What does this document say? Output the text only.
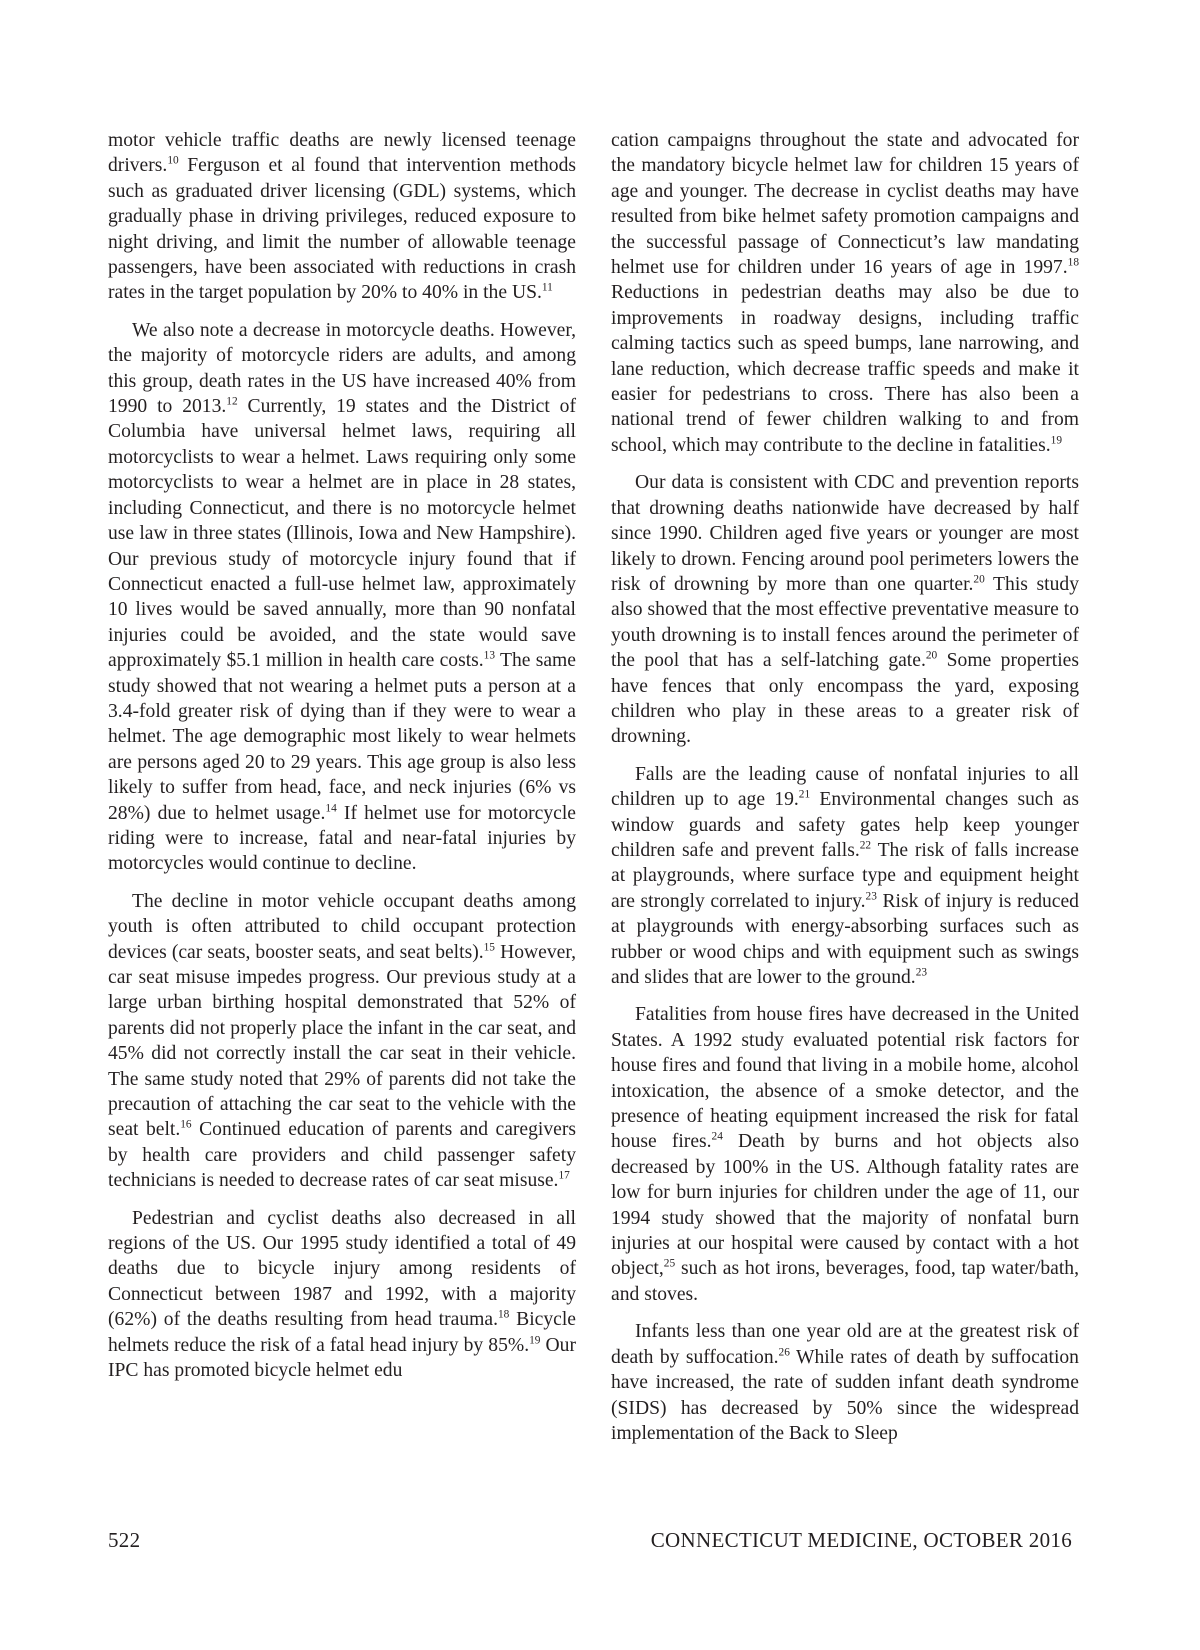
motor vehicle traffic deaths are newly licensed teenage drivers.$^{10}$ Ferguson et al found that intervention methods such as graduated driver licensing (GDL) systems, which gradually phase in driving privileges, reduced exposure to night driving, and limit the number of allowable teenage passengers, have been associated with reductions in crash rates in the target population by 20% to 40% in the US.$^{11}$

We also note a decrease in motorcycle deaths. However, the majority of motorcycle riders are adults, and among this group, death rates in the US have increased 40% from 1990 to 2013.12 Currently, 19 states and the District of Columbia have universal helmet laws, requiring all motorcyclists to wear a helmet. Laws requiring only some motorcyclists to wear a helmet are in place in 28 states, including Connecticut, and there is no motorcycle helmet use law in three states (Illinois, Iowa and New Hampshire). Our previous study of motorcycle injury found that if Connecticut enacted a full-use helmet law, approximately 10 lives would be saved annually, more than 90 nonfatal injuries could be avoided, and the state would save approximately $5.1 million in health care costs.$^{13}$ The same study showed that not wearing a helmet puts a person at a 3.4-fold greater risk of dying than if they were to wear a helmet. The age demographic most likely to wear helmets are persons aged 20 to 29 years. This age group is also less likely to suffer from head, face, and neck injuries (6% vs 28%) due to helmet usage.$^{14}$ If helmet use for motorcycle riding were to increase, fatal and near-fatal injuries by motorcycles would continue to decline.

The decline in motor vehicle occupant deaths among youth is often attributed to child occupant protection devices (car seats, booster seats, and seat belts).$^{15}$ However, car seat misuse impedes progress. Our previous study at a large urban birthing hospital demonstrated that 52% of parents did not properly place the infant in the car seat, and 45% did not correctly install the car seat in their vehicle. The same study noted that 29% of parents did not take the precaution of attaching the car seat to the vehicle with the seat belt.$^{16}$ Continued education of parents and caregivers by health care providers and child passenger safety technicians is needed to decrease rates of car seat misuse.$^{17}$

Pedestrian and cyclist deaths also decreased in all regions of the US. Our 1995 study identified a total of 49 deaths due to bicycle injury among residents of Connecticut between 1987 and 1992, with a majority (62%) of the deaths resulting from head trauma.$^{18}$ Bicycle helmets reduce the risk of a fatal head injury by 85%.$^{19}$ Our IPC has promoted bicycle helmet edu

cation campaigns throughout the state and advocated for the mandatory bicycle helmet law for children 15 years of age and younger. The decrease in cyclist deaths may have resulted from bike helmet safety promotion campaigns and the successful passage of Connecticut’s law mandating helmet use for children under 16 years of age in 1997.18 Reductions in pedestrian deaths may also be due to improvements in roadway designs, including traffic calming tactics such as speed bumps, lane narrowing, and lane reduction, which decrease traffic speeds and make it easier for pedestrians to cross. There has also been a national trend of fewer children walking to and from school, which may contribute to the decline in fatalities.$^{19}$

Our data is consistent with CDC and prevention reports that drowning deaths nationwide have decreased by half since 1990. Children aged five years or younger are most likely to drown. Fencing around pool perimeters lowers the risk of drowning by more than one quarter.$^{20}$ This study also showed that the most effective preventative measure to youth drowning is to install fences around the perimeter of the pool that has a self-latching gate.$^{20}$ Some properties have fences that only encompass the yard, exposing children who play in these areas to a greater risk of drowning.

Falls are the leading cause of nonfatal injuries to all children up to age 19.21 Environmental changes such as window guards and safety gates help keep younger children safe and prevent falls.$^{22}$ The risk of falls increase at playgrounds, where surface type and equipment height are strongly correlated to injury.$^{23}$ Risk of injury is reduced at playgrounds with energy-absorbing surfaces such as rubber or wood chips and with equipment such as swings and slides that are lower to the ground.$^{23}$

Fatalities from house fires have decreased in the United States. A 1992 study evaluated potential risk factors for house fires and found that living in a mobile home, alcohol intoxication, the absence of a smoke detector, and the presence of heating equipment increased the risk for fatal house fires.$^{24}$ Death by burns and hot objects also decreased by 100% in the US. Although fatality rates are low for burn injuries for children under the age of 11, our 1994 study showed that the majority of nonfatal burn injuries at our hospital were caused by contact with a hot object,$^{25}$ such as hot irons, beverages, food, tap water/bath, and stoves.

Infants less than one year old are at the greatest risk of death by suffocation.$^{26}$ While rates of death by suffocation have increased, the rate of sudden infant death syndrome (SIDS) has decreased by 50% since the widespread implementation of the Back to Sleep

522	CONNECTICUT MEDICINE, OCTOBER 2016
